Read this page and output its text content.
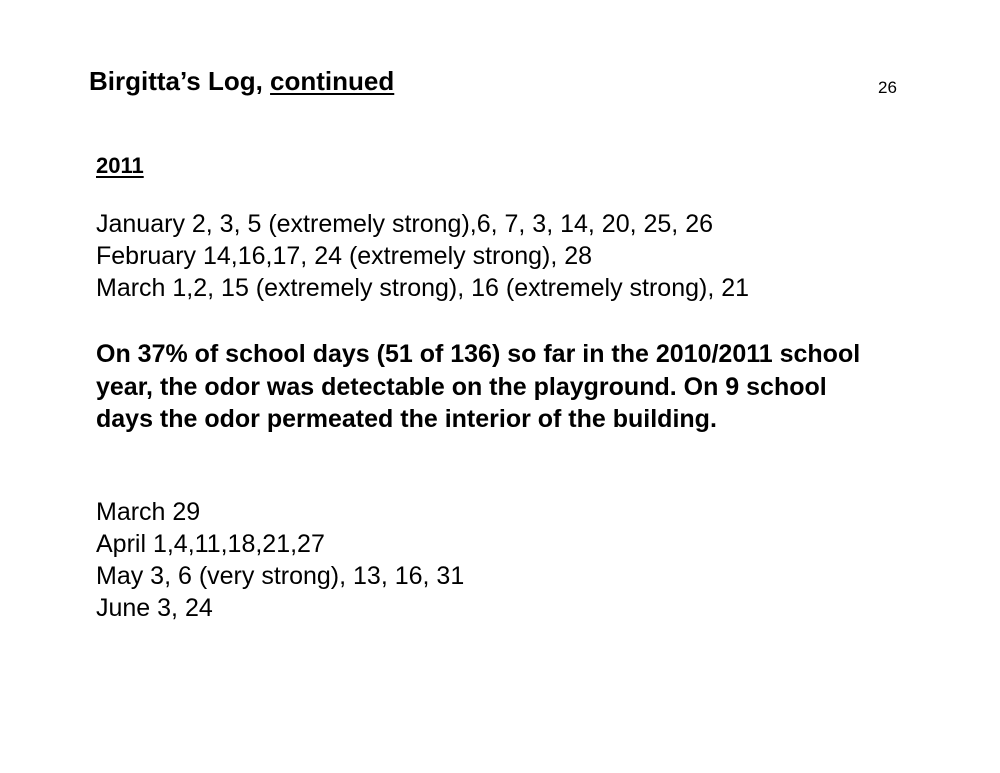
Birgitta’s Log, continued	26
2011
January 2, 3, 5 (extremely strong),6, 7, 3, 14, 20, 25, 26
February 14,16,17, 24 (extremely strong), 28
March 1,2, 15 (extremely strong), 16 (extremely strong), 21
On 37% of school days (51 of 136) so far in the 2010/2011 school year, the odor was detectable on the playground. On 9 school days the odor permeated the interior of the building.
March 29
April 1,4,11,18,21,27
May 3, 6 (very strong), 13, 16, 31
June 3, 24
